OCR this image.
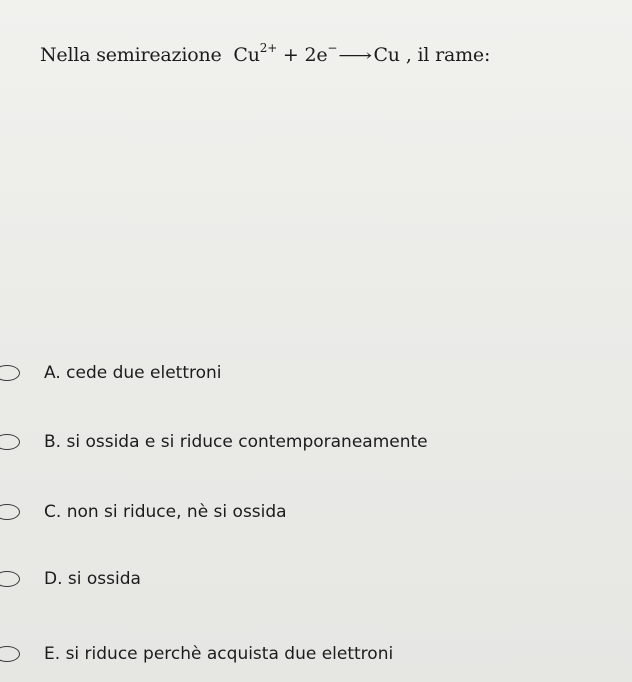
Nella semireazione $Cu^{2+}$ + 2e−⟶Cu , il rame:
A. cede due elettroni
B. si ossida e si riduce contemporaneamente
C. non si riduce, nè si ossida
D. si ossida
E. si riduce perchè acquista due elettroni
